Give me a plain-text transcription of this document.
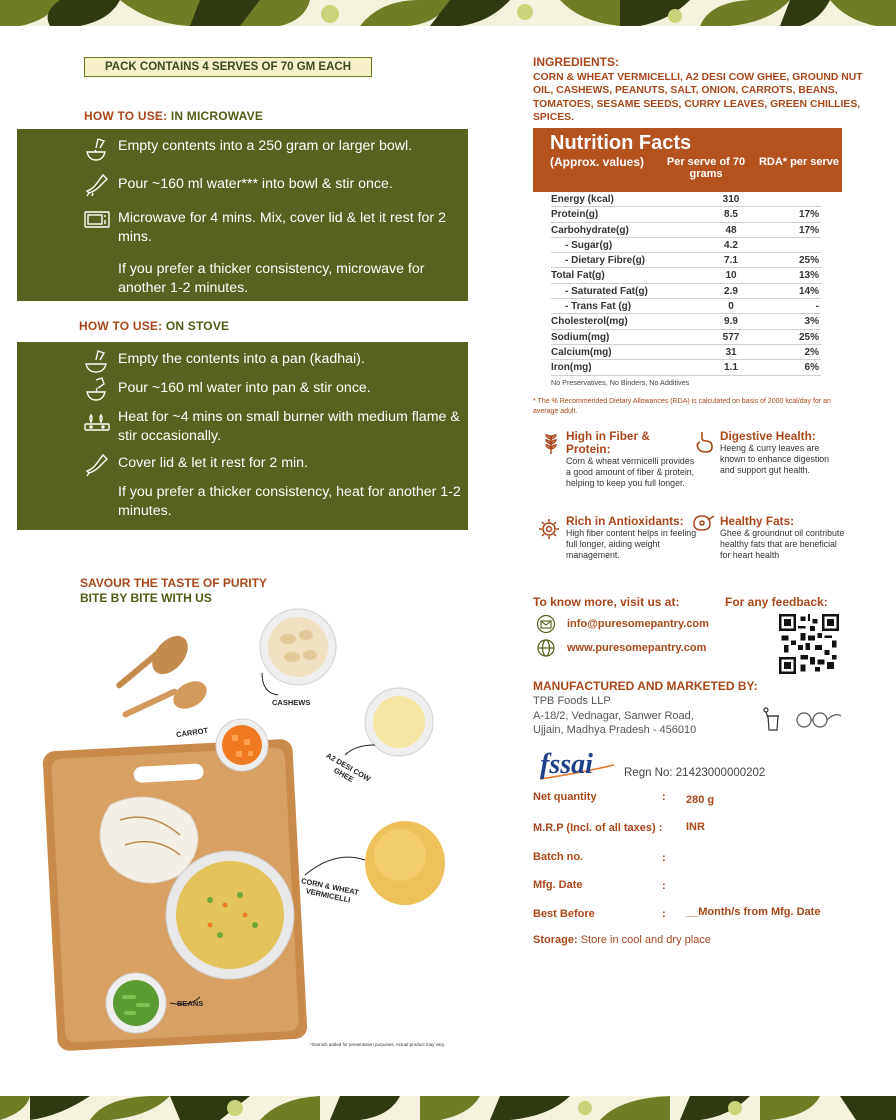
PACK CONTAINS 4 SERVES OF 70 GM EACH
HOW TO USE: IN MICROWAVE
Empty contents into a 250 gram or larger bowl.
Pour ~160 ml water*** into bowl & stir once.
Microwave for 4 mins. Mix, cover lid & let it rest for 2 mins.
If you prefer a thicker consistency, microwave for another 1-2 minutes.
HOW TO USE: ON STOVE
Empty the contents into a pan (kadhai).
Pour ~160 ml water into pan & stir once.
Heat for ~4 mins on small burner with medium flame & stir occasionally.
Cover lid & let it rest for 2 min.
If you prefer a thicker consistency, heat for another 1-2 minutes.
SAVOUR THE TASTE OF PURITY
BITE BY BITE WITH US
CASHEWS
CARROT
A2 DESI COW GHEE
CORN & WHEAT VERMICELLI
BEANS
*Garnish added for presentation purposes. Actual product may vary.
INGREDIENTS:
CORN & WHEAT VERMICELLI, A2 DESI COW GHEE, GROUND NUT OIL, CASHEWS, PEANUTS, SALT, ONION, CARROTS, BEANS, TOMATOES, SESAME SEEDS, CURRY LEAVES, GREEN CHILLIES, SPICES.
Nutrition Facts
(Approx. values)	Per serve of 70 grams
RDA* per serve
Energy (kcal)	310
Protein(g)	8.5	17%
Carbohydrate(g)	48	17%
- Sugar(g)	4.2
- Dietary Fibre(g)	7.1	25%
Total Fat(g)	10	13%
- Saturated Fat(g)	2.9	14%
- Trans Fat (g)	0	-
Cholesterol(mg)	9.9	3%
Sodium(mg)	577	25%
Calcium(mg)	31	2%
Iron(mg)	1.1	6%
No Preservatives, No Binders, No Additives
* The % Recommended Dietary Allowances (RDA) is calculated on basis of 2000 kcal/day for an average adult.
High in Fiber & Protein:
Corn & wheat vermicelli provides a good amount of fiber & protein, helping to keep you full longer.
Digestive Health:
Heeng & curry leaves are known to enhance digestion and support gut health.
Rich in Antioxidants:
High fiber content helps in feeling full longer, aiding weight management.
Healthy Fats:
Ghee & groundnut oil contribute healthy fats that are beneficial for heart health
To know more, visit us at:	For any feedback:
info@puresomepantry.com
www.puresomepantry.com
MANUFACTURED AND MARKETED BY:
TPB Foods LLP
A-18/2, Vednagar, Sanwer Road,
Ujjain, Madhya Pradesh - 456010
fssai	Regn No: 21423000000202
Net quantity	: 280 g
M.R.P (Incl. of all taxes) : INR
Batch no.	:
Mfg. Date	:
Best Before	: __Month/s from Mfg. Date
Storage: Store in cool and dry place
